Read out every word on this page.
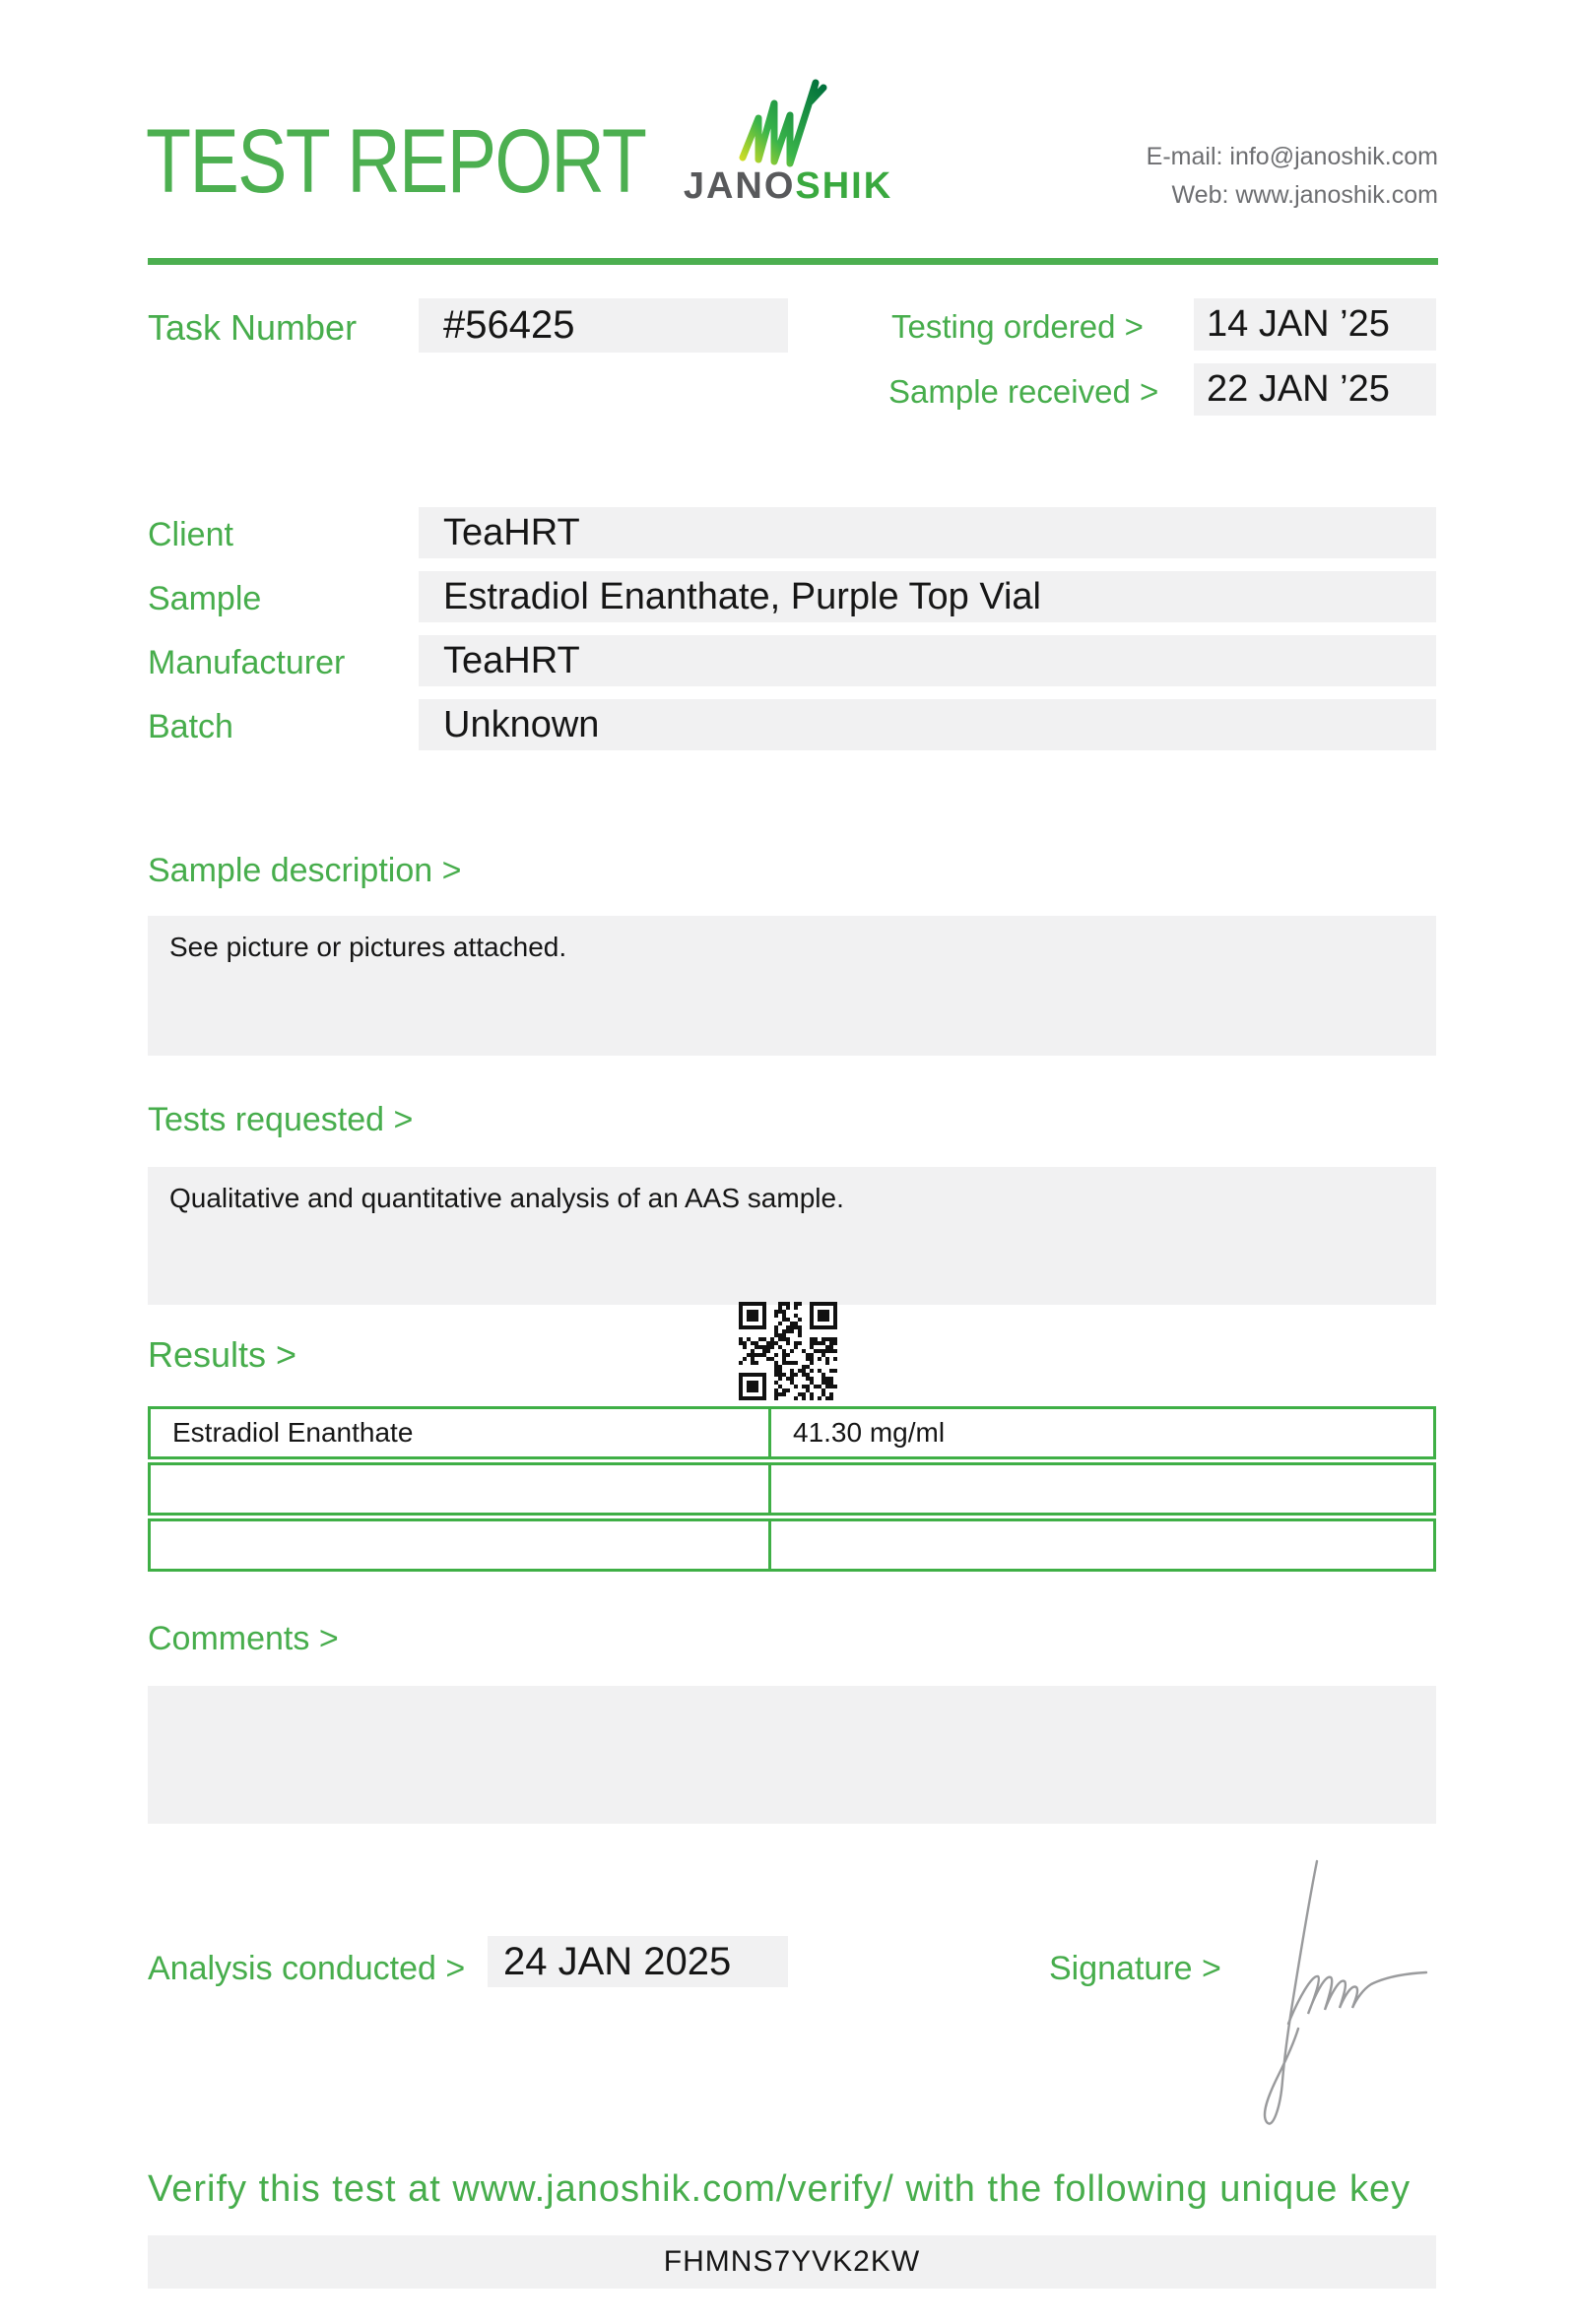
TEST REPORT	JANOSHIK
E-mail: info@janoshik.com
Web: www.janoshik.com
Task Number	#56425	Testing ordered >	14 JAN ’25
Sample received >	22 JAN ’25
Client	TeaHRT
Sample	Estradiol Enanthate, Purple Top Vial
Manufacturer	TeaHRT
Batch	Unknown
Sample description >
See picture or pictures attached.
Tests requested >
Qualitative and quantitative analysis of an AAS sample.
Results >
Estradiol Enanthate	41.30 mg/ml
Comments >
Analysis conducted > 24 JAN 2025	Signature >
Verify this test at www.janoshik.com/verify/ with the following unique key
FHMNS7YVK2KW
